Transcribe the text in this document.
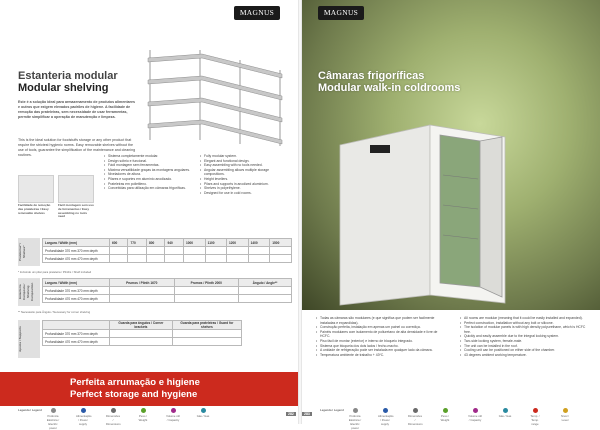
MAGNUS
Estanteria modular
Modular shelving
Este é a solução ideal para armazenamento de produtos alimentares e outros que exigem elevados padrões de higiene. A facilidade de remoção das prateleiras, sem necessidade de usar ferramentas, permite simplificar a operação de manutenção e limpeza.
This is the ideal solution for foodstuffs storage or any other product that require the strictest hygienic norms. Easy removable shelves without the use of tools, guarantee the simplification of the maintenance and cleaning routines.
Facilidade de remoção das prateleiras / Easy removable shelves
Fácil montagem sem uso de ferramentas / Easy assembling no tools need
• Sistema completamente modular.
• Design sóbrio e funcional.
• Fácil montagem sem ferramentas.
• Máxima versatilidade graças às montagens angulares.
• Niveladores de altura.
• Pilares e suportes em alumínio anodizado.
• Prateleiras em polietileno.
• Concebidas para utilização em câmaras frigoríficas.
• Fully modular system.
• Elegant and functional design.
• Easy assembling with no tools needed.
• Angular assembling allows multiple storage compositions.
• Height levellers.
• Pilars and supports in anodized aluminium.
• Shelves in polyethylene.
• Designed for use in cold rooms.
Prateleiras* / Shelves*
Largura / Width (mm)	600	770	800	940	1000	1100	1200	1400	1500
Profundidade 370 mm 370 mm depth									
Profundidade 470 mm 470 mm depth									
* Incluindo um pilar para prateleira / Plinths / Shelf included
Estanteria Composta / Shelving Composition
Largura / Width (mm)	Prumos / Plinth 1670	Prumos / Plinth 2000	Ângulo / Angle**
Profundidade 370 mm 370 mm depth			
Profundidade 470 mm 470 mm depth			
** Necessário para Ângulo / Necessary for corner shelving
Apoios / Supports
	Guarda para ângulos / Corner brackets	Guarda para prateleiras / Guard for shelves
Profundidade 370 mm 370 mm depth		
Profundidade 470 mm 470 mm depth		
Perfeita arrumação e higiene
Perfect storage and hygiene
Legenda / Legend
Potência Eléctrica / Electric power
Alimentação / Power supply
Dimensões / Dimensions
Peso / Weight
Volume útil / Capacity
Gás / Gas	282
MAGNUS
Câmaras frigoríficas
Modular walk-in coldrooms
• Todas as câmaras são modulares (e que significa que podem ser facilmente instaladas e expandidas).
• Construção perfeita, instalação em apenas um painel ou corrediça.
• Painéis modulares com isolamento de poliuretano de alta densidade e livre de HCFC.
• Piso fácil de montar (exterior) e interno de bloqueio integrado.
• Sistema que bloqueia dos dois lados / fecho-macho.
• A unidade de refrigeração pode ser instalada em qualquer lado da câmara.
• Temperatura ambiente de trabalho + 43ºC.
• All rooms are modular (meaning that it could be easily installed and expanded).
• Perfect construction, installation without any bolt or silicone.
• The isolation of modular panels is with high density polyurethane, which is HCFC free.
• Quickly and easily assemble due to the integral locking system.
• Two-side locking system, female-male.
• The unit can be installed in the roof.
• Cooling unit can be positioned on either side of the chamber.
• 43 degrees ambient working temperature.
Legenda / Legend
Potência Eléctrica / Electric power
Alimentação / Power supply
Dimensões / Dimensions
Peso / Weight
Volume útil / Capacity
Gás / Gas	Temp. / Temp. range
Nível / Level
283
